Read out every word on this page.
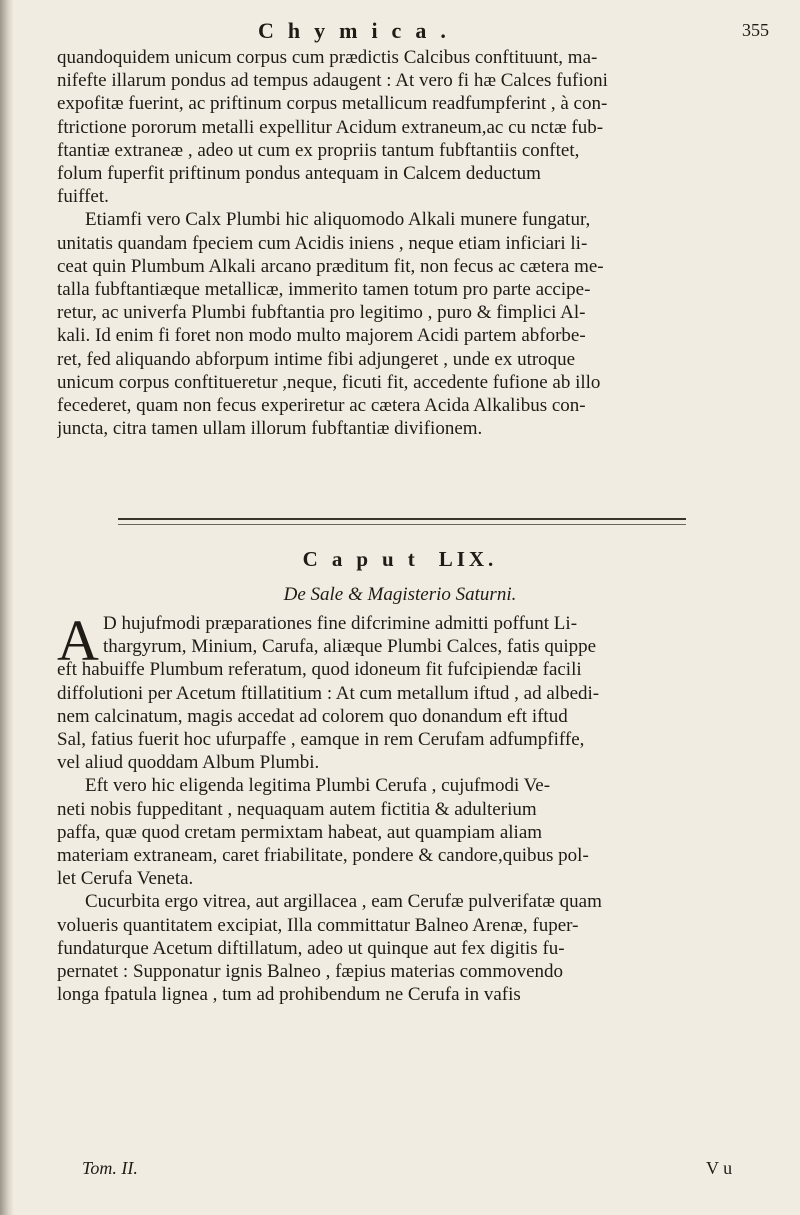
Chymica.	355
quandoquidem unicum corpus cum prædictis Calcibus conftituunt, ma-
nifefte illarum pondus ad tempus adaugent : At vero fi hæ Calces fufioni
expofitæ fuerint, ac priftinum corpus metallicum readfumpferint , à con-
ftrictione pororum metalli expellitur Acidum extraneum,ac cu nctæ fub-
ftantiæ extraneæ , adeo ut cum ex propriis tantum fubftantiis conftet,
folum fuperfit priftinum pondus antequam in Calcem deductum
fuiffet.
Etiamfi vero Calx Plumbi hic aliquomodo Alkali munere fungatur,
unitatis quandam fpeciem cum Acidis iniens , neque etiam inficiari li-
ceat quin Plumbum Alkali arcano præditum fit, non fecus ac cætera me-
talla fubftantiæque metallicæ, immerito tamen totum pro parte accipe-
retur, ac univerfa Plumbi fubftantia pro legitimo , puro & fimplici Al-
kali. Id enim fi foret non modo multo majorem Acidi partem abforbe-
ret, fed aliquando abforpum intime fibi adjungeret , unde ex utroque
unicum corpus conftitueretur ,neque, ficuti fit, accedente fufione ab illo
fecederet, quam non fecus experiretur ac cætera Acida Alkalibus con-
juncta, citra tamen ullam illorum fubftantiæ divifionem.
Caput LIX.
De Sale & Magisterio Saturni.
A D hujufmodi præparationes fine difcrimine admitti poffunt Li-
thargyrum, Minium, Carufa, aliæque Plumbi Calces, fatis quippe
eft habuiffe Plumbum referatum, quod idoneum fit fufcipiendæ facili
diffolutioni per Acetum ftillatitium : At cum metallum iftud , ad albedi-
nem calcinatum, magis accedat ad colorem quo donandum eft iftud
Sal, fatius fuerit hoc ufurpaffe , eamque in rem Cerufam adfumpfiffe,
vel aliud quoddam Album Plumbi.
Eft vero hic eligenda legitima Plumbi Cerufa , cujufmodi Ve-
neti nobis fuppeditant , nequaquam autem fictitia & adulterium
paffa, quæ quod cretam permixtam habeat, aut quampiam aliam
materiam extraneam, caret friabilitate, pondere & candore,quibus pol-
let Cerufa Veneta.
Cucurbita ergo vitrea, aut argillacea , eam Cerufæ pulverifatæ quam
volueris quantitatem excipiat, Illa committatur Balneo Arenæ, fuper-
fundaturque Acetum diftillatum, adeo ut quinque aut fex digitis fu-
pernatet : Supponatur ignis Balneo , fæpius materias commovendo
longa fpatula lignea , tum ad prohibendum ne Cerufa in vafis
Tom. II.	V u
